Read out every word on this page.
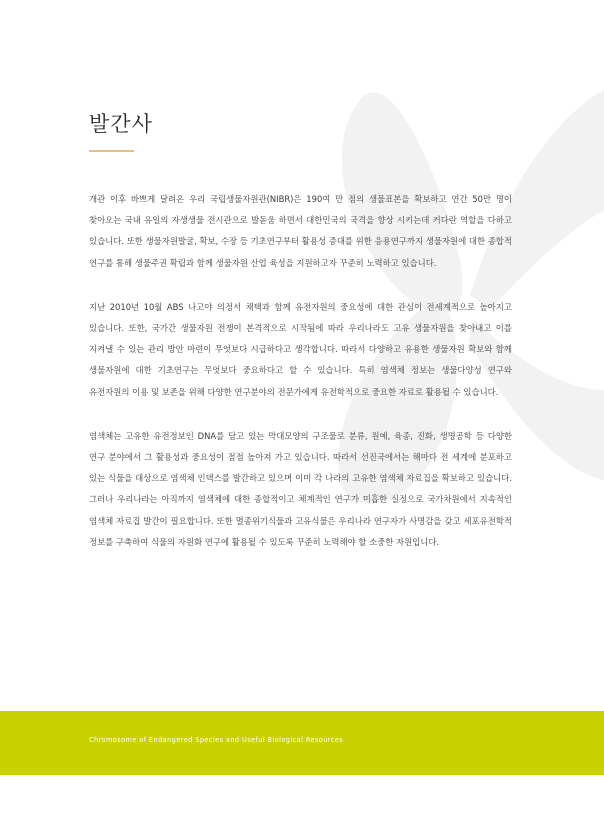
발간사

개관 이후 바쁘게 달려온 우리 국립생물자원관(NIBR)은 190여 만 점의 생물표본을 확보하고 연간 50만 명이 찾아오는 국내 유일의 자생생물 전시관으로 발돋움 하면서 대한민국의 국격을 향상 시키는데 커다란 역할을 다하고 있습니다. 또한 생물자원발굴, 확보, 수장 등 기초연구부터 활용성 증대를 위한 응용연구까지 생물자원에 대한 종합적 연구를 통해 생물주권 확립과 함께 생물자원 산업 육성을 지원하고자 꾸준히 노력하고 있습니다.

지난 2010년 10월 ABS 나고야 의정서 채택과 함께 유전자원의 중요성에 대한 관심이 전세계적으로 높아지고 있습니다. 또한, 국가간 생물자원 전쟁이 본격적으로 시작됨에 따라 우리나라도 고유 생물자원을 찾아내고 이를 지켜낼 수 있는 관리 방안 마련이 무엇보다 시급하다고 생각합니다. 따라서 다양하고 유용한 생물자원 확보와 함께 생물자원에 대한 기초연구는 무엇보다 중요하다고 할 수 있습니다. 특히 염색체 정보는 생물다양성 연구와 유전자원의 이용 및 보존을 위해 다양한 연구분야의 전문가에게 유전학적으로 중요한 자료로 활용될 수 있습니다.

염색체는 고유한 유전정보인 DNA를 담고 있는 막대모양의 구조물로 분류, 원예, 육종, 진화, 생명공학 등 다양한 연구 분야에서 그 활용성과 중요성이 점점 높아져 가고 있습니다. 따라서 선진국에서는 해마다 전 세계에 분포하고 있는 식물을 대상으로 염색체 인덱스를 발간하고 있으며 이미 각 나라의 고유한 염색체 자료집을 확보하고 있습니다. 그러나 우리나라는 아직까지 염색체에 대한 종합적이고 체계적인 연구가 미흡한 실정으로 국가차원에서 지속적인 염색체 자료집 발간이 필요합니다. 또한 멸종위기식물과 고유식물은 우리나라 연구자가 사명감을 갖고 세포유전학적 정보를 구축하여 식물의 자원화 연구에 활용될 수 있도록 꾸준히 노력해야 할 소중한 자원입니다.

Chromosome of Endangered Species and Useful Biological Resources
